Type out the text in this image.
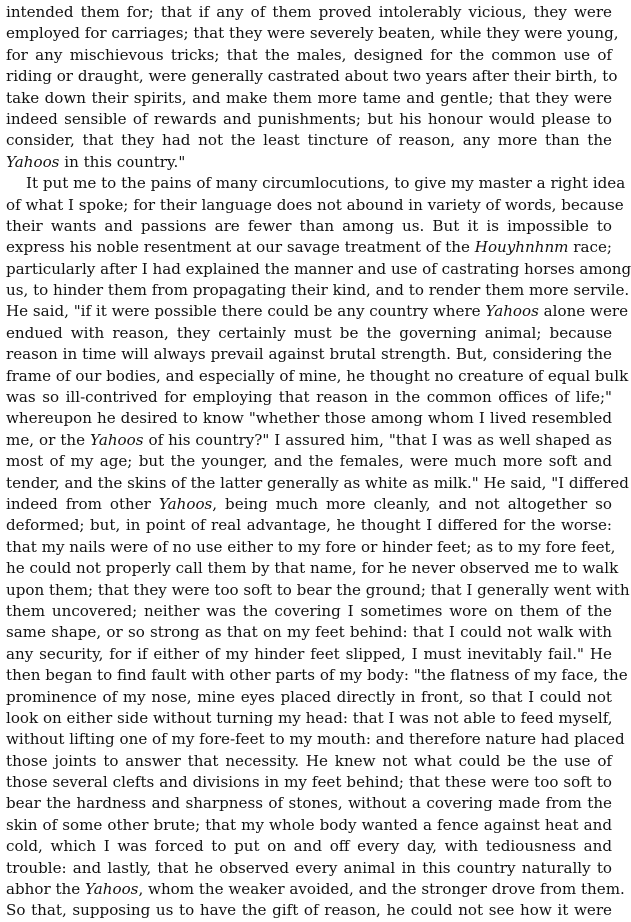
intended them for; that if any of them proved intolerably vicious, they were
employed for carriages; that they were severely beaten, while they were young,
for any mischievous tricks; that the males, designed for the common use of
riding or draught, were generally castrated about two years after their birth, to
take down their spirits, and make them more tame and gentle; that they were
indeed sensible of rewards and punishments; but his honour would please to
consider, that they had not the least tincture of reason, any more than the
Yahoos in this country."
It put me to the pains of many circumlocutions, to give my master a right idea
of what I spoke; for their language does not abound in variety of words, because
their wants and passions are fewer than among us. But it is impossible to
express his noble resentment at our savage treatment of the Houyhnhnm race;
particularly after I had explained the manner and use of castrating horses among
us, to hinder them from propagating their kind, and to render them more servile.
He said, "if it were possible there could be any country where Yahoos alone were
endued with reason, they certainly must be the governing animal; because
reason in time will always prevail against brutal strength. But, considering the
frame of our bodies, and especially of mine, he thought no creature of equal bulk
was so ill-contrived for employing that reason in the common offices of life;"
whereupon he desired to know "whether those among whom I lived resembled
me, or the Yahoos of his country?" I assured him, "that I was as well shaped as
most of my age; but the younger, and the females, were much more soft and
tender, and the skins of the latter generally as white as milk." He said, "I differed
indeed from other Yahoos, being much more cleanly, and not altogether so
deformed; but, in point of real advantage, he thought I differed for the worse:
that my nails were of no use either to my fore or hinder feet; as to my fore feet,
he could not properly call them by that name, for he never observed me to walk
upon them; that they were too soft to bear the ground; that I generally went with
them uncovered; neither was the covering I sometimes wore on them of the
same shape, or so strong as that on my feet behind: that I could not walk with
any security, for if either of my hinder feet slipped, I must inevitably fail." He
then began to find fault with other parts of my body: "the flatness of my face, the
prominence of my nose, mine eyes placed directly in front, so that I could not
look on either side without turning my head: that I was not able to feed myself,
without lifting one of my fore-feet to my mouth: and therefore nature had placed
those joints to answer that necessity. He knew not what could be the use of
those several clefts and divisions in my feet behind; that these were too soft to
bear the hardness and sharpness of stones, without a covering made from the
skin of some other brute; that my whole body wanted a fence against heat and
cold, which I was forced to put on and off every day, with tediousness and
trouble: and lastly, that he observed every animal in this country naturally to
abhor the Yahoos, whom the weaker avoided, and the stronger drove from them.
So that, supposing us to have the gift of reason, he could not see how it were
